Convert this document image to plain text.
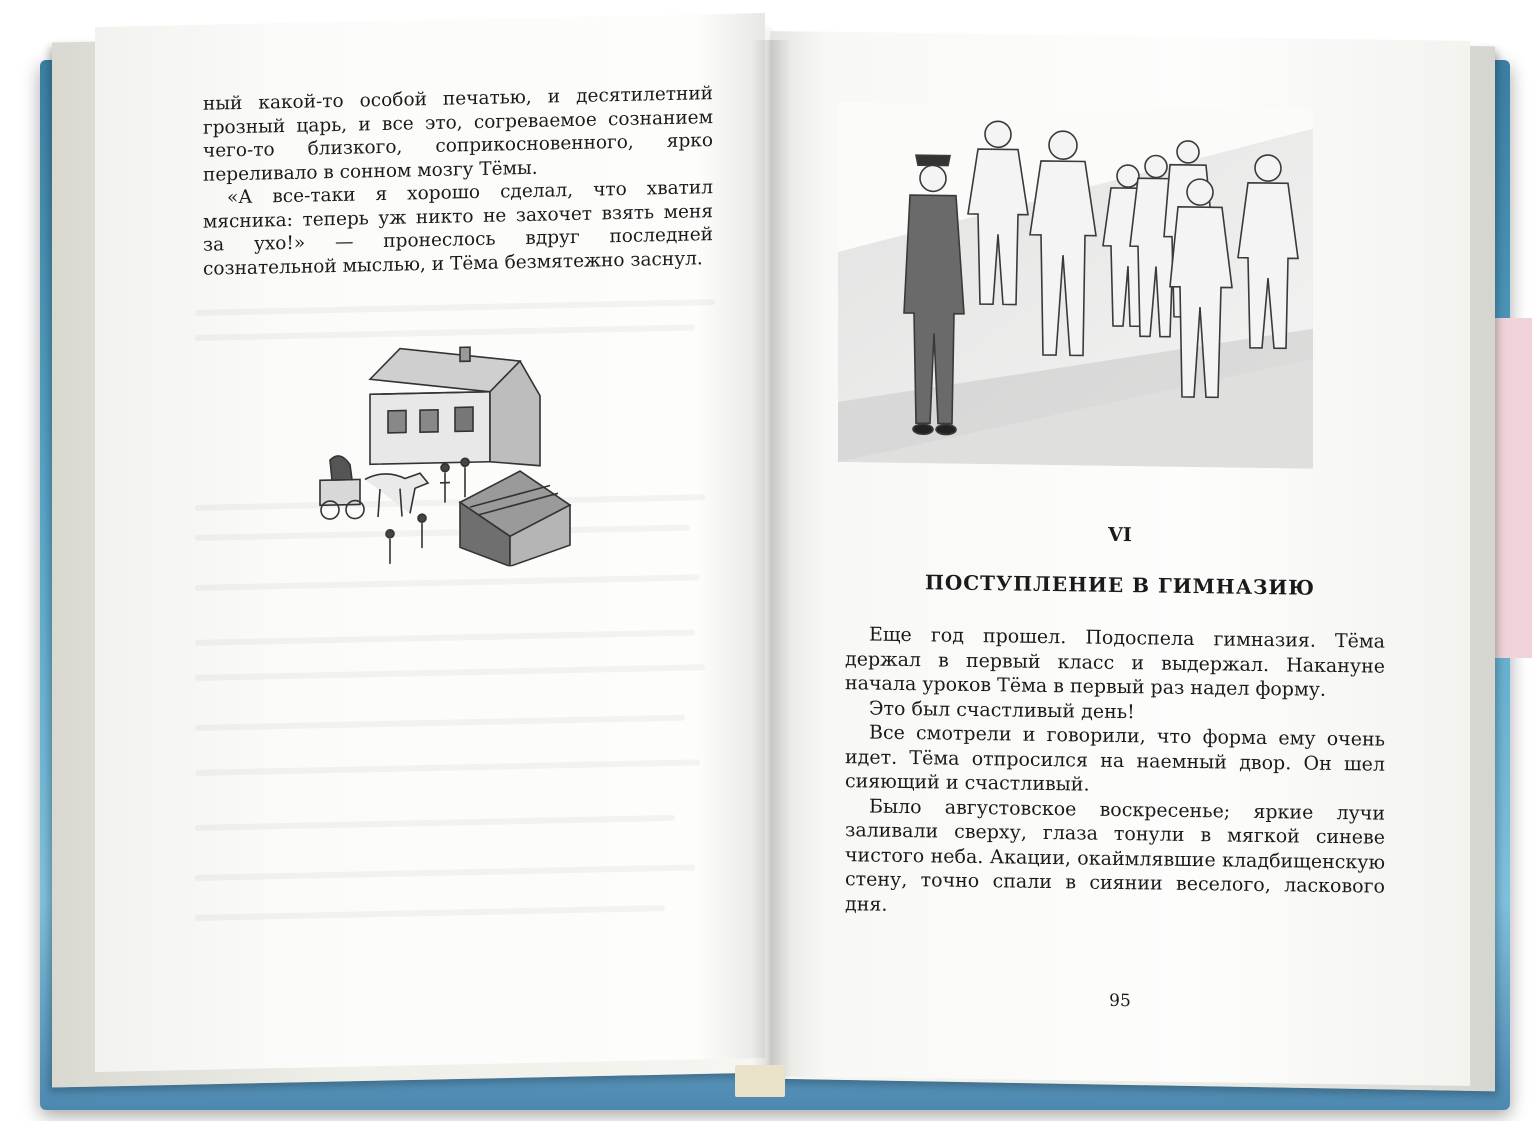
ный какой-то особой печатью, и десятилетний грозный царь, и все это, согреваемое сознанием чего-то близкого, соприкосновенного, ярко переливало в сонном мозгу Тёмы.

«А все-таки я хорошо сделал, что хватил мясника: теперь уж никто не захочет взять меня за ухо!» — пронеслось вдруг последней сознательной мыслью, и Тёма безмятежно заснул.

VI
ПОСТУПЛЕНИЕ В ГИМНАЗИЮ

Еще год прошел. Подоспела гимназия. Тёма держал в первый класс и выдержал. Накануне начала уроков Тёма в первый раз надел форму.

Это был счастливый день!

Все смотрели и говорили, что форма ему очень идет. Тёма отпросился на наемный двор. Он шел сияющий и счастливый.

Было августовское воскресенье; яркие лучи заливали сверху, глаза тонули в мягкой синеве чистого неба. Акации, окаймлявшие кладбищенскую стену, точно спали в сиянии веселого, ласкового дня.

95
